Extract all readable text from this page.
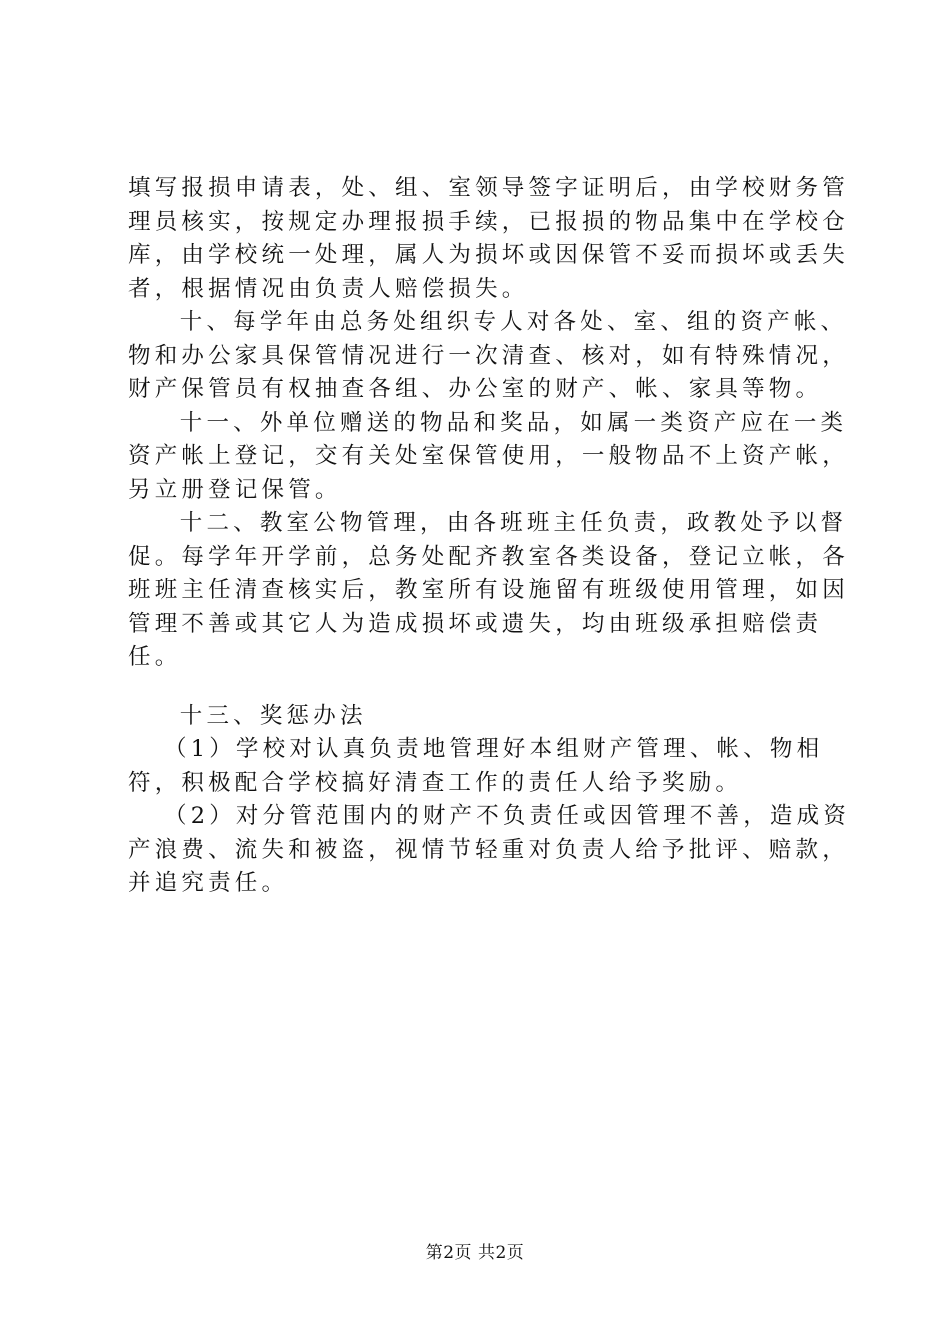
填写报损申请表，处、组、室领导签字证明后，由学校财务管理员核实，按规定办理报损手续，已报损的物品集中在学校仓库，由学校统一处理，属人为损坏或因保管不妥而损坏或丢失者，根据情况由负责人赔偿损失。

十、每学年由总务处组织专人对各处、室、组的资产帐、物和办公家具保管情况进行一次清查、核对，如有特殊情况，财产保管员有权抽查各组、办公室的财产、帐、家具等物。

十一、外单位赠送的物品和奖品，如属一类资产应在一类资产帐上登记，交有关处室保管使用，一般物品不上资产帐，另立册登记保管。

十二、教室公物管理，由各班班主任负责，政教处予以督促。每学年开学前，总务处配齐教室各类设备，登记立帐，各班班主任清查核实后，教室所有设施留有班级使用管理，如因管理不善或其它人为造成损坏或遗失，均由班级承担赔偿责任。

十三、奖惩办法

（1）学校对认真负责地管理好本组财产管理、帐、物相符，积极配合学校搞好清查工作的责任人给予奖励。

（2）对分管范围内的财产不负责任或因管理不善，造成资产浪费、流失和被盗，视情节轻重对负责人给予批评、赔款，并追究责任。

第2页 共2页
